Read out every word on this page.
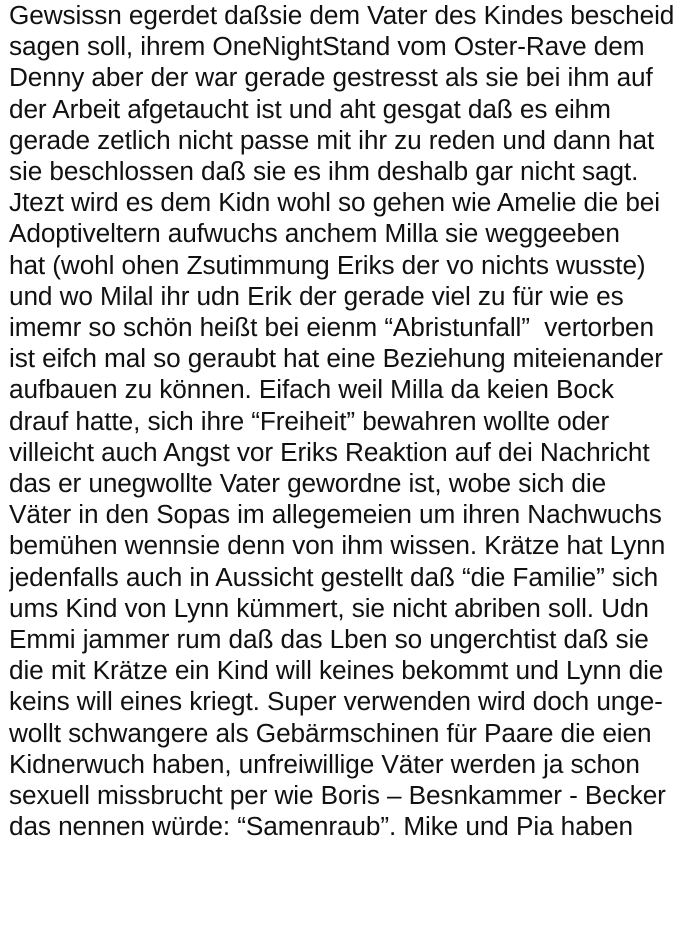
Gewsissn egerdet daßsie dem Vater des Kindes bescheid
sagen soll, ihrem OneNightStand vom Oster-Rave dem
Denny aber der war gerade gestresst als sie bei ihm auf
der Arbeit afgetaucht ist und aht gesgat daß es eihm
gerade zetlich nicht passe mit ihr zu reden und dann hat
sie beschlossen daß sie es ihm deshalb gar nicht sagt.
Jtezt wird es dem Kidn wohl so gehen wie Amelie die bei
Adoptiveltern aufwuchs anchem Milla sie weggeeben
hat (wohl ohen Zsutimmung Eriks der vo nichts wusste)
und wo Milal ihr udn Erik der gerade viel zu für wie es
imemr so schön heißt bei eienm “Abristunfall”  vertorben
ist eifch mal so geraubt hat eine Beziehung miteienander
aufbauen zu können. Eifach weil Milla da keien Bock
drauf hatte, sich ihre “Freiheit” bewahren wollte oder
villeicht auch Angst vor Eriks Reaktion auf dei Nachricht
das er unegwollte Vater gewordne ist, wobe sich die
Väter in den Sopas im allegemeien um ihren Nachwuchs
bemühen wennsie denn von ihm wissen. Krätze hat Lynn
jedenfalls auch in Aussicht gestellt daß “die Familie” sich
ums Kind von Lynn kümmert, sie nicht abriben soll. Udn
Emmi jammer rum daß das Lben so ungerchtist daß sie
die mit Krätze ein Kind will keines bekommt und Lynn die
keins will eines kriegt. Super verwenden wird doch unge-
wollt schwangere als Gebärmschinen für Paare die eien
Kidnerwuch haben, unfreiwillige Väter werden ja schon
sexuell missbrucht per wie Boris – Besnkammer - Becker
das nennen würde: “Samenraub”. Mike und Pia haben
